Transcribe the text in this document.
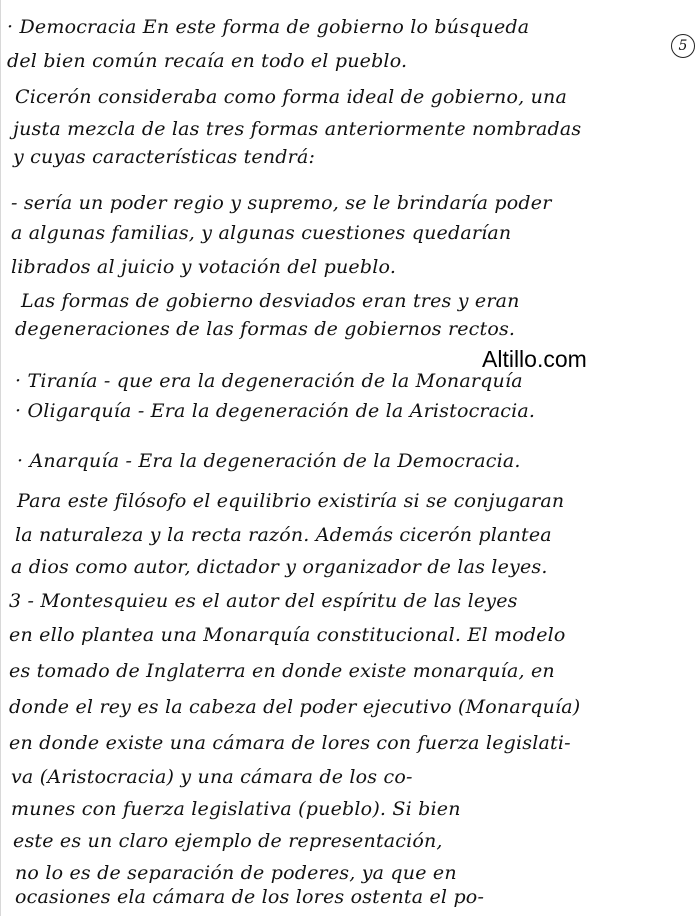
5
· Democracia En este forma de gobierno lo búsqueda
del bien común recaía en todo el pueblo.
Cicerón consideraba como forma ideal de gobierno, una
justa mezcla de las tres formas anteriormente nombradas
y cuyas características tendrá:
- sería un poder regio y supremo, se le brindaría poder
a algunas familias, y algunas cuestiones quedarían
librados al juicio y votación del pueblo.
Las formas de gobierno desviados eran tres y eran
degeneraciones de las formas de gobiernos rectos.
Altillo.com
· Tiranía - que era la degeneración de la Monarquía
· Oligarquía - Era la degeneración de la Aristocracia.
· Anarquía - Era la degeneración de la Democracia.
Para este filósofo el equilibrio existiría si se conjugaran
la naturaleza y la recta razón. Además cicerón plantea
a dios como autor, dictador y organizador de las leyes.
3 - Montesquieu es el autor del espíritu de las leyes
en ello plantea una Monarquía constitucional. El modelo
es tomado de Inglaterra en donde existe monarquía, en
donde el rey es la cabeza del poder ejecutivo (Monarquía)
en donde existe una cámara de lores con fuerza legislati-
va (Aristocracia) y una cámara de los co-
munes con fuerza legislativa (pueblo). Si bien
este es un claro ejemplo de representación,
no lo es de separación de poderes, ya que en
ocasiones ela cámara de los lores ostenta el po-
